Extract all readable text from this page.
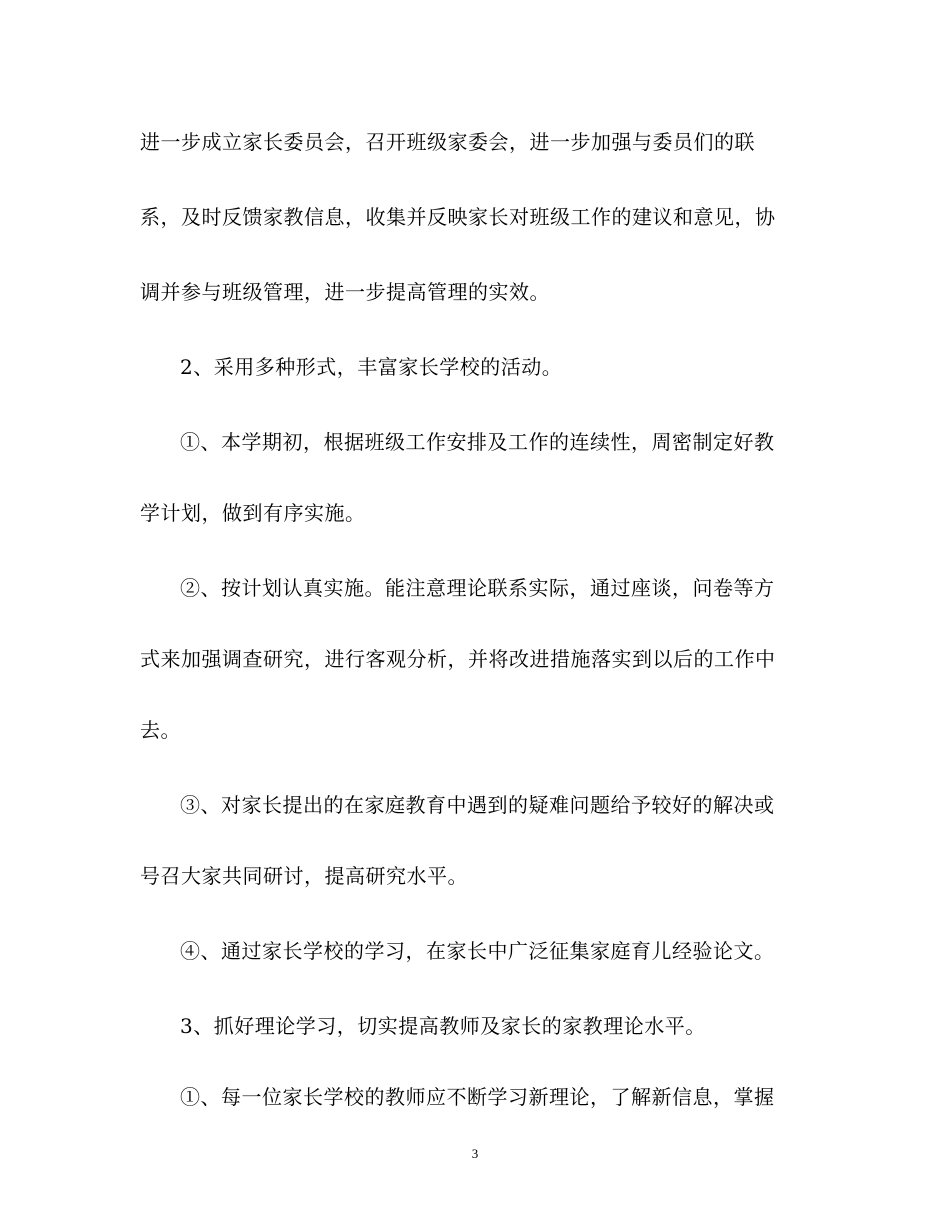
进一步成立家长委员会，召开班级家委会，进一步加强与委员们的联
系，及时反馈家教信息，收集并反映家长对班级工作的建议和意见，协
调并参与班级管理，进一步提高管理的实效。
2、采用多种形式，丰富家长学校的活动。
①、本学期初，根据班级工作安排及工作的连续性，周密制定好教
学计划，做到有序实施。
②、按计划认真实施。能注意理论联系实际，通过座谈，问卷等方
式来加强调查研究，进行客观分析，并将改进措施落实到以后的工作中
去。
③、对家长提出的在家庭教育中遇到的疑难问题给予较好的解决或
号召大家共同研讨，提高研究水平。
④、通过家长学校的学习，在家长中广泛征集家庭育儿经验论文。
3、抓好理论学习，切实提高教师及家长的家教理论水平。
①、每一位家长学校的教师应不断学习新理论，了解新信息，掌握
3
